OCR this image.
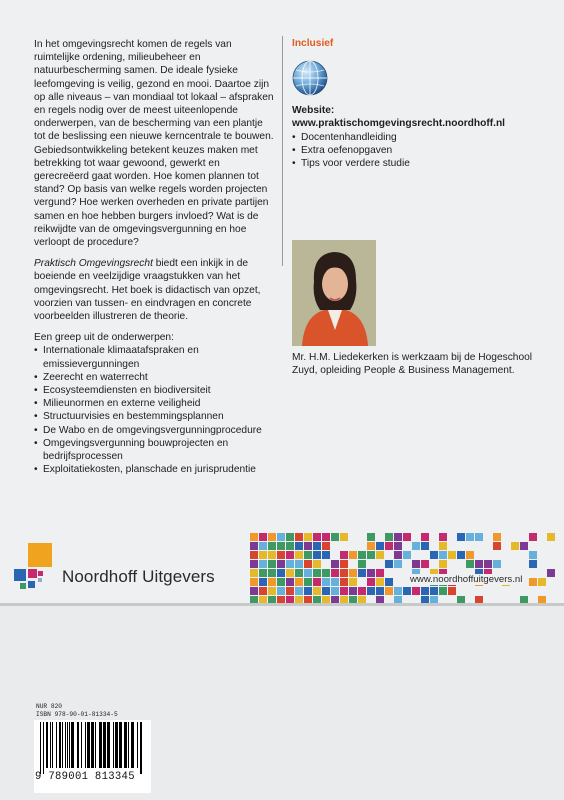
In het omgevingsrecht komen de regels van ruimtelijke ordening, milieubeheer en natuurbescherming samen. De ideale fysieke leefomgeving is veilig, gezond en mooi. Daartoe zijn op alle niveaus – van mondiaal tot lokaal – afspraken en regels nodig over de meest uiteenlopende onderwerpen, van de bescherming van een plantje tot de beslissing een nieuwe kerncentrale te bouwen. Gebiedsontwikkeling betekent keuzes maken met betrekking tot waar gewoond, gewerkt en gerecreëerd gaat worden. Hoe komen plannen tot stand? Op basis van welke regels worden projecten vergund? Hoe werken overheden en private partijen samen en hoe hebben burgers invloed? Wat is de reikwijdte van de omgevingsvergunning en hoe verloopt de procedure?

Praktisch Omgevingsrecht biedt een inkijk in de boeiende en veelzijdige vraagstukken van het omgevingsrecht. Het boek is didactisch van opzet, voorzien van tussen- en eindvragen en concrete voorbeelden illustreren de theorie.

Een greep uit de onderwerpen:

• Internationale klimaatafspraken en emissievergunningen
• Zeerecht en waterrecht
• Ecosysteemdiensten en biodiversiteit
• Milieunormen en externe veiligheid
• Structuurvisies en bestemmingsplannen
• De Wabo en de omgevingsvergunningprocedure
• Omgevingsvergunning bouwprojecten en bedrijfsprocessen
• Exploitatiekosten, planschade en jurisprudentie
Inclusief
Website:
www.praktischomgevingsrecht.noordhoff.nl
• Docentenhandleiding
• Extra oefenopgaven
• Tips voor verdere studie
Mr. H.M. Liedekerken is werkzaam bij de Hogeschool Zuyd, opleiding People & Business Management.
Noordhoff Uitgevers	www.noordhoffuitgevers.nl
NUR 820
ISBN 978-90-01-81334-5
9 789001 813345
